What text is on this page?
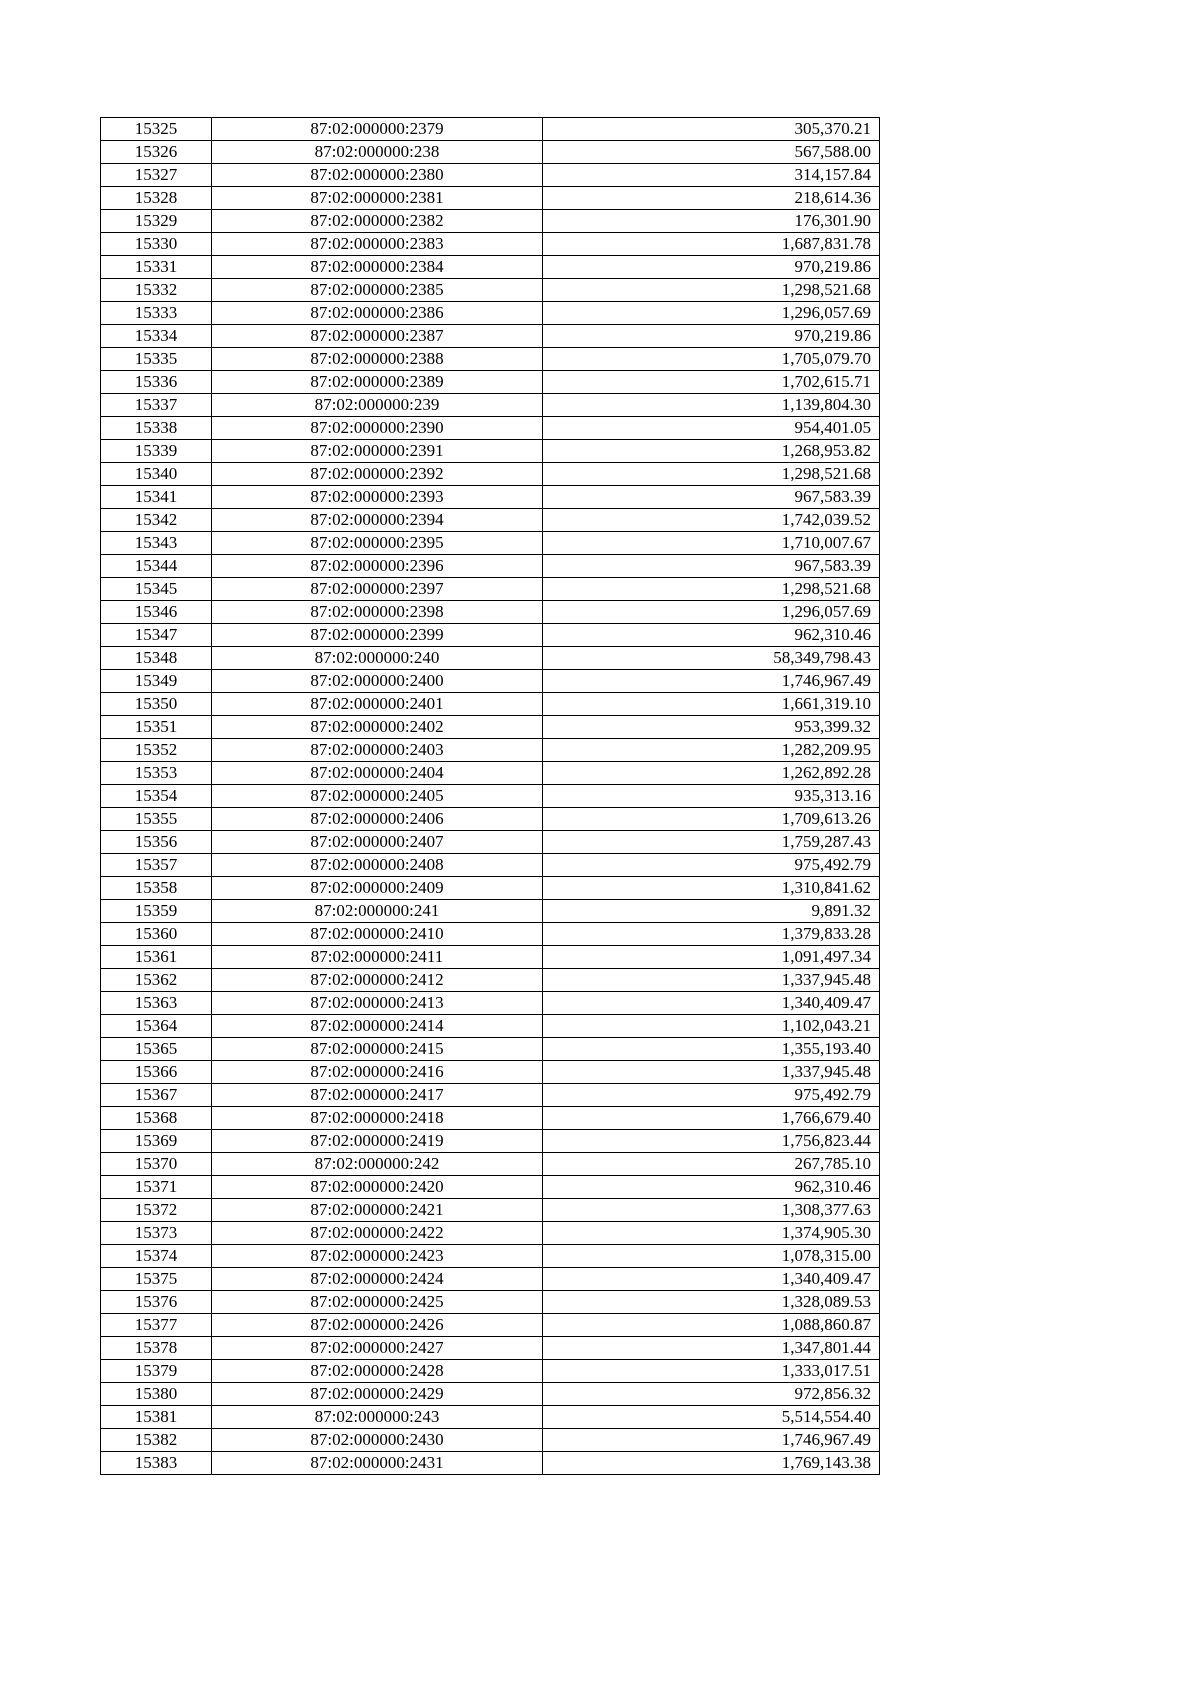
15325	87:02:000000:2379	305,370.21
15326	87:02:000000:238	567,588.00
15327	87:02:000000:2380	314,157.84
15328	87:02:000000:2381	218,614.36
15329	87:02:000000:2382	176,301.90
15330	87:02:000000:2383	1,687,831.78
15331	87:02:000000:2384	970,219.86
15332	87:02:000000:2385	1,298,521.68
15333	87:02:000000:2386	1,296,057.69
15334	87:02:000000:2387	970,219.86
15335	87:02:000000:2388	1,705,079.70
15336	87:02:000000:2389	1,702,615.71
15337	87:02:000000:239	1,139,804.30
15338	87:02:000000:2390	954,401.05
15339	87:02:000000:2391	1,268,953.82
15340	87:02:000000:2392	1,298,521.68
15341	87:02:000000:2393	967,583.39
15342	87:02:000000:2394	1,742,039.52
15343	87:02:000000:2395	1,710,007.67
15344	87:02:000000:2396	967,583.39
15345	87:02:000000:2397	1,298,521.68
15346	87:02:000000:2398	1,296,057.69
15347	87:02:000000:2399	962,310.46
15348	87:02:000000:240	58,349,798.43
15349	87:02:000000:2400	1,746,967.49
15350	87:02:000000:2401	1,661,319.10
15351	87:02:000000:2402	953,399.32
15352	87:02:000000:2403	1,282,209.95
15353	87:02:000000:2404	1,262,892.28
15354	87:02:000000:2405	935,313.16
15355	87:02:000000:2406	1,709,613.26
15356	87:02:000000:2407	1,759,287.43
15357	87:02:000000:2408	975,492.79
15358	87:02:000000:2409	1,310,841.62
15359	87:02:000000:241	9,891.32
15360	87:02:000000:2410	1,379,833.28
15361	87:02:000000:2411	1,091,497.34
15362	87:02:000000:2412	1,337,945.48
15363	87:02:000000:2413	1,340,409.47
15364	87:02:000000:2414	1,102,043.21
15365	87:02:000000:2415	1,355,193.40
15366	87:02:000000:2416	1,337,945.48
15367	87:02:000000:2417	975,492.79
15368	87:02:000000:2418	1,766,679.40
15369	87:02:000000:2419	1,756,823.44
15370	87:02:000000:242	267,785.10
15371	87:02:000000:2420	962,310.46
15372	87:02:000000:2421	1,308,377.63
15373	87:02:000000:2422	1,374,905.30
15374	87:02:000000:2423	1,078,315.00
15375	87:02:000000:2424	1,340,409.47
15376	87:02:000000:2425	1,328,089.53
15377	87:02:000000:2426	1,088,860.87
15378	87:02:000000:2427	1,347,801.44
15379	87:02:000000:2428	1,333,017.51
15380	87:02:000000:2429	972,856.32
15381	87:02:000000:243	5,514,554.40
15382	87:02:000000:2430	1,746,967.49
15383	87:02:000000:2431	1,769,143.38
